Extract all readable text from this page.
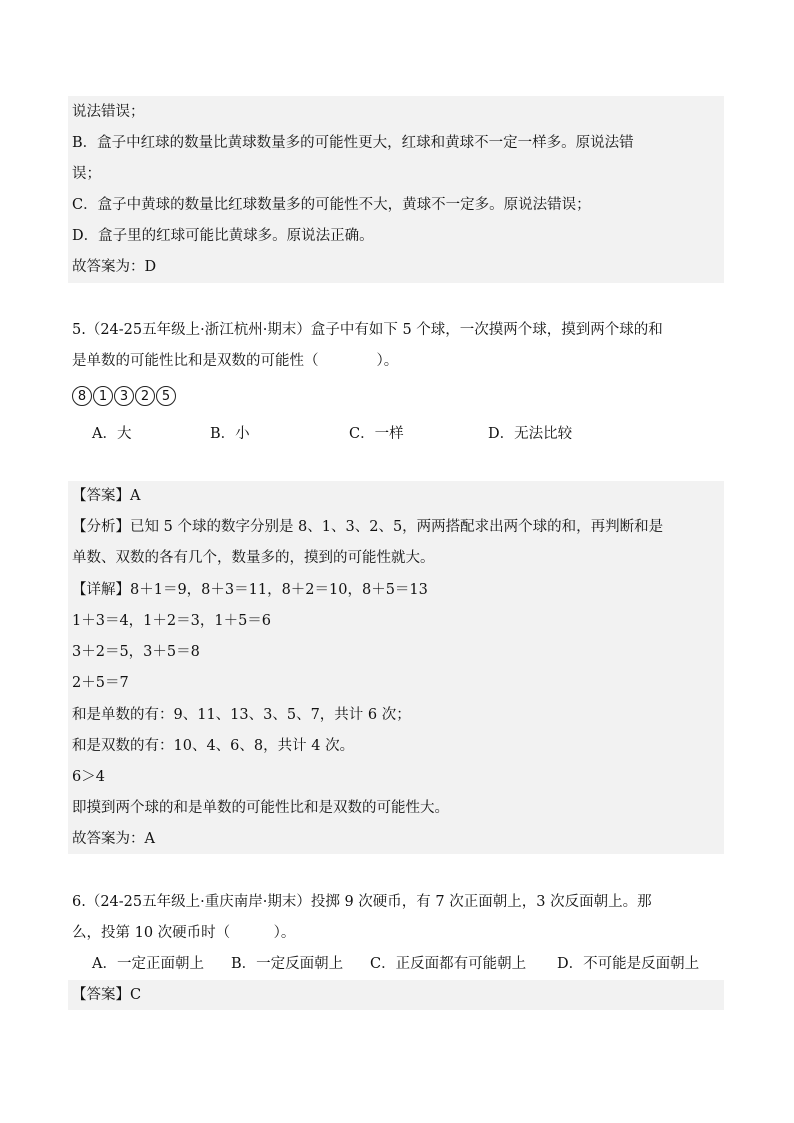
说法错误；
B．盒子中红球的数量比黄球数量多的可能性更大，红球和黄球不一定一样多。原说法错
误；
C．盒子中黄球的数量比红球数量多的可能性不大，黄球不一定多。原说法错误；
D．盒子里的红球可能比黄球多。原说法正确。
故答案为：D
5.（24-25五年级上·浙江杭州·期末）盒子中有如下 5 个球，一次摸两个球，摸到两个球的和
是单数的可能性比和是双数的可能性（　　　　）。
8 1 3 2 5
A．大	B．小	C．一样	D．无法比较
【答案】A
【分析】已知 5 个球的数字分别是 8、1、3、2、5，两两搭配求出两个球的和，再判断和是
单数、双数的各有几个，数量多的，摸到的可能性就大。
【详解】8＋1＝9，8＋3＝11，8＋2＝10，8＋5＝13
1＋3＝4，1＋2＝3，1＋5＝6
3＋2＝5，3＋5＝8
2＋5＝7
和是单数的有：9、11、13、3、5、7，共计 6 次；
和是双数的有：10、4、6、8，共计 4 次。
6＞4
即摸到两个球的和是单数的可能性比和是双数的可能性大。
故答案为：A
6.（24-25五年级上·重庆南岸·期末）投掷 9 次硬币，有 7 次正面朝上，3 次反面朝上。那
么，投第 10 次硬币时（　　　）。
A．一定正面朝上 B．一定反面朝上 C．正反面都有可能朝上 D．不可能是反面朝上
【答案】C
